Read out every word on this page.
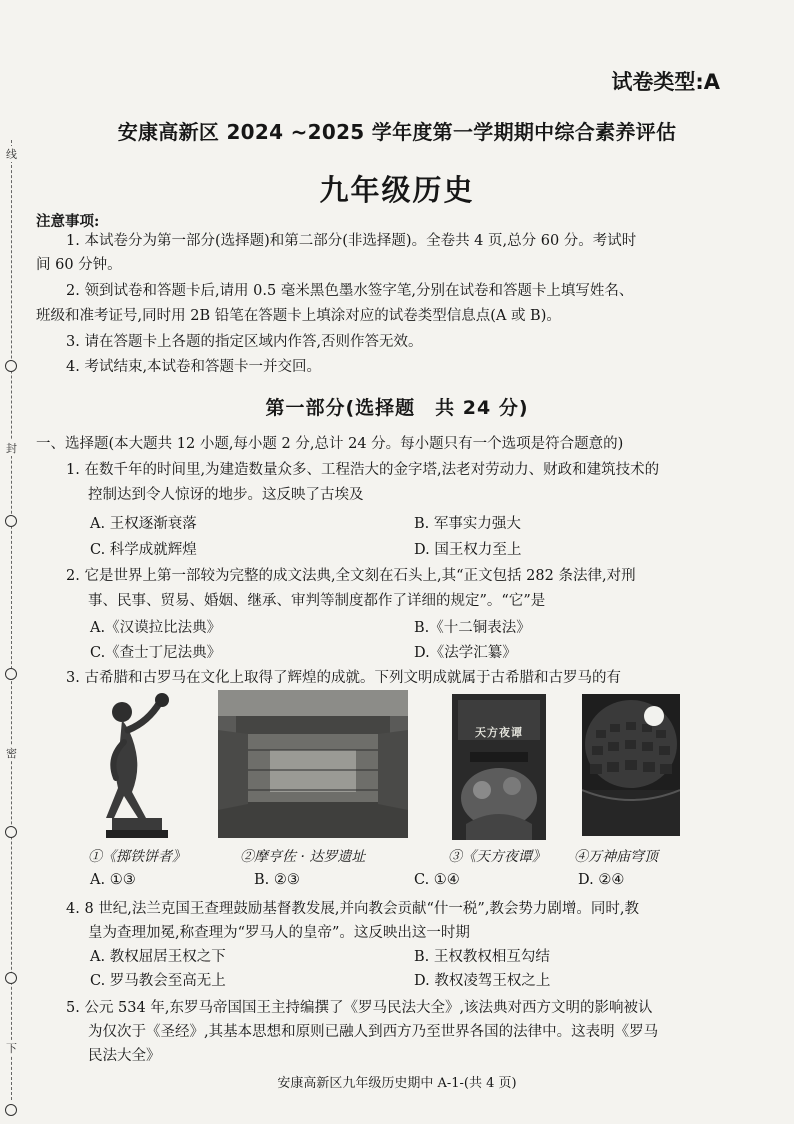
线
封
密
下
试卷类型:A
安康高新区 2024 ~2025 学年度第一学期期中综合素养评估
九年级历史
注意事项:
1. 本试卷分为第一部分(选择题)和第二部分(非选择题)。全卷共 4 页,总分 60 分。考试时
间 60 分钟。
2. 领到试卷和答题卡后,请用 0.5 毫米黑色墨水签字笔,分别在试卷和答题卡上填写姓名、
班级和准考证号,同时用 2B 铅笔在答题卡上填涂对应的试卷类型信息点(A 或 B)。
3. 请在答题卡上各题的指定区域内作答,否则作答无效。
4. 考试结束,本试卷和答题卡一并交回。
第一部分(选择题　共 24 分)
一、选择题(本大题共 12 小题,每小题 2 分,总计 24 分。每小题只有一个选项是符合题意的)
1. 在数千年的时间里,为建造数量众多、工程浩大的金字塔,法老对劳动力、财政和建筑技术的
控制达到令人惊讶的地步。这反映了古埃及
A. 王权逐渐衰落	B. 军事实力强大
C. 科学成就辉煌	D. 国王权力至上
2. 它是世界上第一部较为完整的成文法典,全文刻在石头上,其“正文包括 282 条法律,对刑
事、民事、贸易、婚姻、继承、审判等制度都作了详细的规定”。“它”是
A.《汉谟拉比法典》	B.《十二铜表法》
C.《查士丁尼法典》	D.《法学汇纂》
3. 古希腊和古罗马在文化上取得了辉煌的成就。下列文明成就属于古希腊和古罗马的有
天方夜谭
①《掷铁饼者》	②摩亨佐 · 达罗遗址	③《天方夜谭》 ④万神庙穹顶
A. ①③	B. ②③	C. ①④	D. ②④
4. 8 世纪,法兰克国王查理鼓励基督教发展,并向教会贡献“什一税”,教会势力剧增。同时,教
皇为查理加冕,称查理为“罗马人的皇帝”。这反映出这一时期
A. 教权屈居王权之下	B. 王权教权相互勾结
C. 罗马教会至高无上	D. 教权凌驾王权之上
5. 公元 534 年,东罗马帝国国王主持编撰了《罗马民法大全》,该法典对西方文明的影响被认
为仅次于《圣经》,其基本思想和原则已融人到西方乃至世界各国的法律中。这表明《罗马
民法大全》
安康高新区九年级历史期中 A-1-(共 4 页)
